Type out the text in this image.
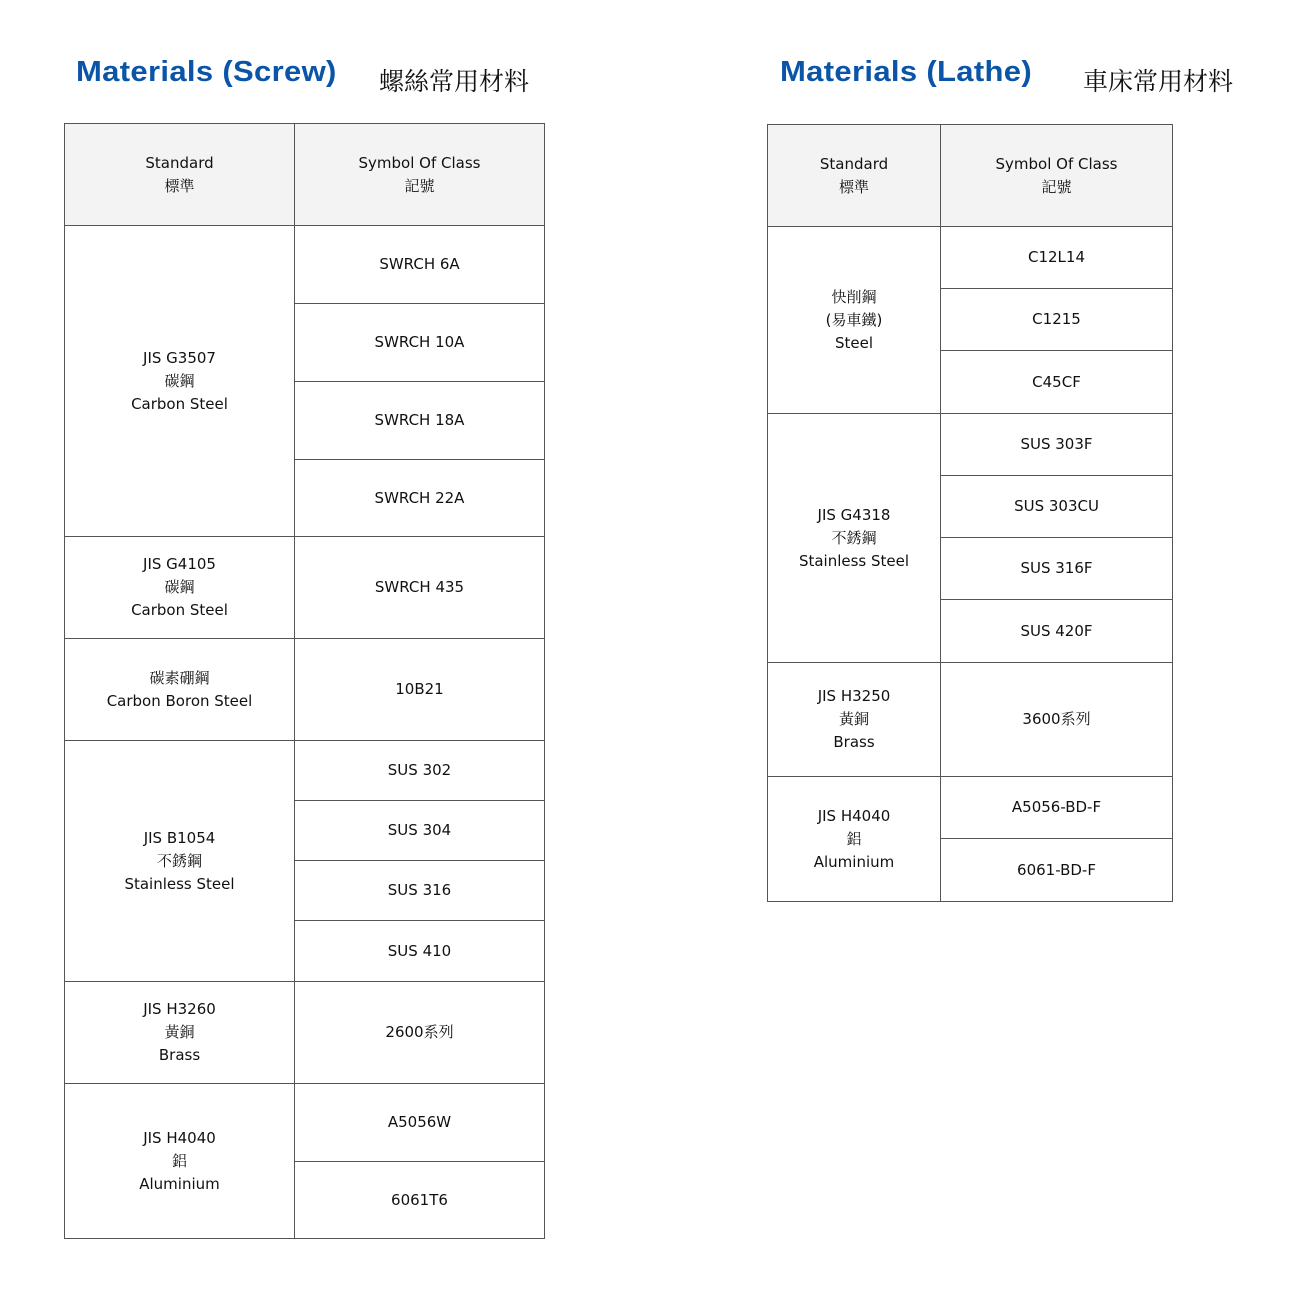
Materials (Screw) 螺絲常用材料
Standard
標準	Symbol Of Class
記號

JIS G3507
碳鋼
Carbon Steel	SWRCH 6A
	SWRCH 10A
	SWRCH 18A
	SWRCH 22A

JIS G4105
碳鋼
Carbon Steel	SWRCH 435

碳素硼鋼
Carbon Boron Steel	10B21

JIS B1054
不銹鋼
Stainless Steel	SUS 302
	SUS 304
	SUS 316
	SUS 410

JIS H3260
黃銅
Brass	2600系列

JIS H4040
鋁
Aluminium	A5056W
	6061T6
Materials (Lathe) 車床常用材料
Standard
標準	Symbol Of Class
記號

快削鋼
(易車鐵)
Steel	C12L14
	C1215
	C45CF

JIS G4318
不銹鋼
Stainless Steel	SUS 303F
	SUS 303CU
	SUS 316F
	SUS 420F

JIS H3250
黃銅
Brass	3600系列

JIS H4040
鋁
Aluminium	A5056-BD-F
	6061-BD-F
